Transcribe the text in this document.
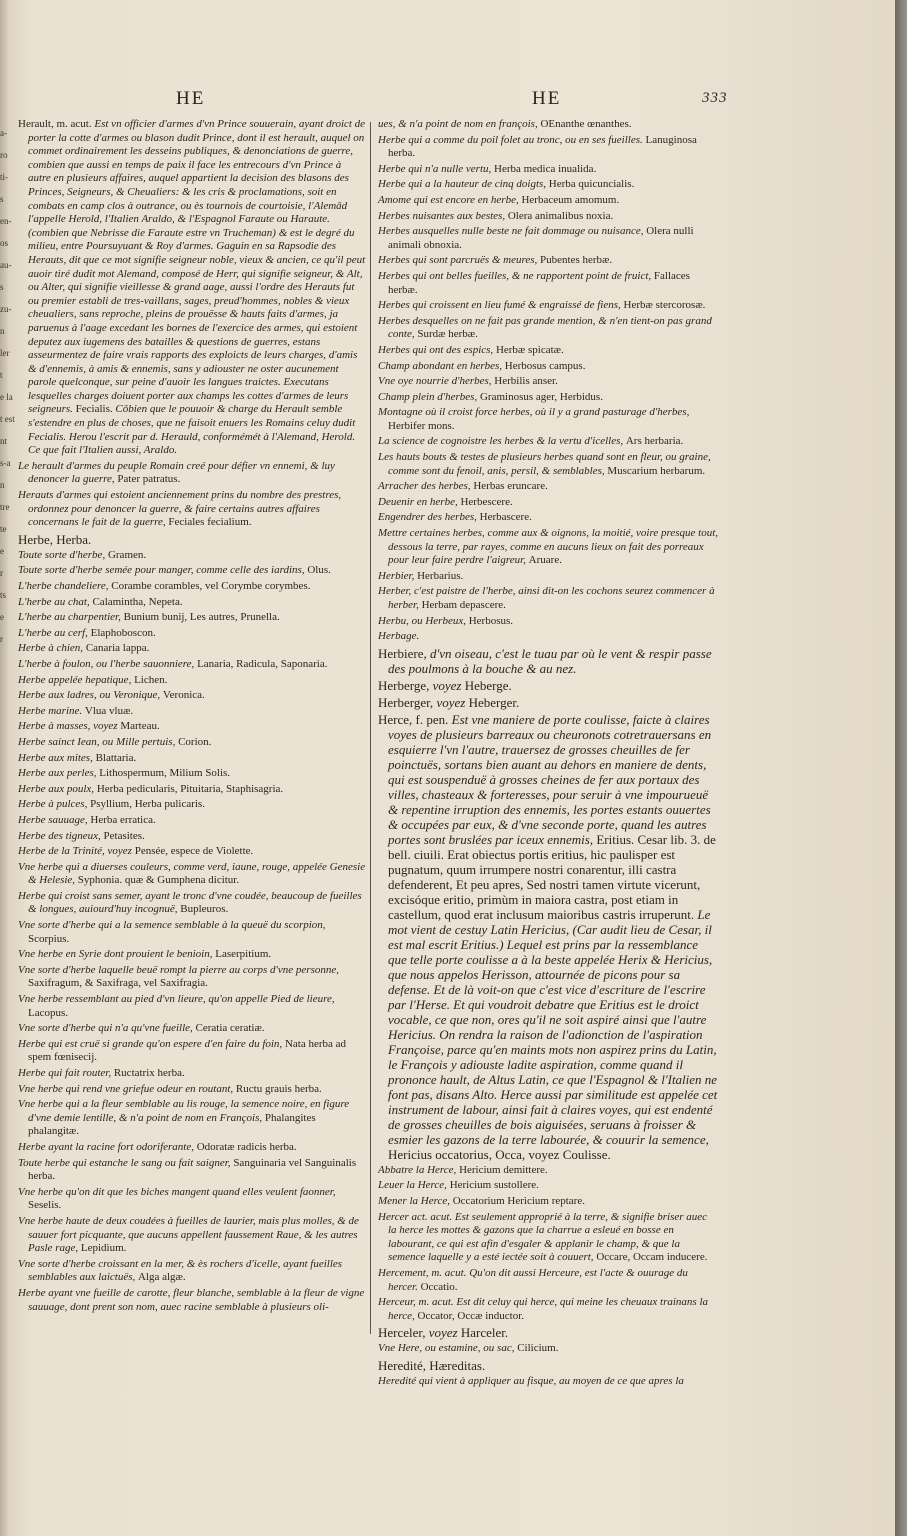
a-
ro
ti-
s
en-
os
au-
s
zu-
n
ler
t
e la
t est
nt
s-a
n
tre
te
e
r
ts
e
r
HE	HE	333
Herault, m. acut. Est vn officier d'armes d'vn Prince souuerain, ayant droict de porter la cotte d'armes ou blason dudit Prince, dont il est herault, auquel on commet ordinairement les desseins publiques, & denonciations de guerre, combien que aussi en temps de paix il face les entrecours d'vn Prince à autre en plusieurs affaires, auquel appartient la decision des blasons des Princes, Seigneurs, & Cheualiers: & les cris & proclamations, soit en combats en camp clos à outrance, ou ès tournois de courtoisie, l'Alemād l'appelle Herold, l'Italien Araldo, & l'Espagnol Faraute ou Haraute. (combien que Nebrisse die Faraute estre vn Trucheman) & est le degré du milieu, entre Poursuyuant & Roy d'armes. Gaguin en sa Rapsodie des Herauts, dit que ce mot signifie seigneur noble, vieux & ancien, ce qu'il peut auoir tiré dudit mot Alemand, composé de Herr, qui signifie seigneur, & Alt, ou Alter, qui signifie vieillesse & grand aage, aussi l'ordre des Herauts fut ou premier establi de tres-vaillans, sages, preud'hommes, nobles & vieux cheualiers, sans reproche, pleins de prouësse & hauts faits d'armes, ja paruenus à l'aage excedant les bornes de l'exercice des armes, qui estoient deputez aux iugemens des batailles & questions de guerres, estans asseurmentez de faire vrais rapports des exploicts de leurs charges, d'amis & d'ennemis, à amis & ennemis, sans y adiouster ne oster aucunement parole quelconque, sur peine d'auoir les langues traictes. Executans lesquelles charges doiuent porter aux champs les cottes d'armes de leurs seigneurs. Fecialis. Cōbien que le pouuoir & charge du Herault semble s'estendre en plus de choses, que ne faisoit enuers les Romains celuy dudit Fecialis. Herou l'escrit par d. Herauld, conformémét à l'Alemand, Herold. Ce que fait l'Italien aussi, Araldo.
Le herault d'armes du peuple Romain creé pour défier vn ennemi, & luy denoncer la guerre, Pater patratus.
Herauts d'armes qui estoient anciennement prins du nombre des prestres, ordonnez pour denoncer la guerre, & faire certains autres affaires concernans le fait de la guerre, Feciales fecialium.
Herbe, Herba.
Toute sorte d'herbe, Gramen.
Toute sorte d'herbe semée pour manger, comme celle des iardins, Olus.
L'herbe chandeliere, Corambe corambles, vel Corymbe corymbes.
L'herbe au chat, Calamintha, Nepeta.
L'herbe au charpentier, Bunium bunij, Les autres, Prunella.
L'herbe au cerf, Elaphoboscon.
Herbe à chien, Canaria lappa.
L'herbe à foulon, ou l'herbe sauonniere, Lanaria, Radicula, Saponaria.
Herbe appelée hepatique, Lichen.
Herbe aux ladres, ou Veronique, Veronica.
Herbe marine. Vlua vluæ.
Herbe à masses, voyez Marteau.
Herbe sainct Iean, ou Mille pertuis, Corion.
Herbe aux mites, Blattaria.
Herbe aux perles, Lithospermum, Milium Solis.
Herbe aux poulx, Herba pedicularis, Pituitaria, Staphisagria.
Herbe à pulces, Psyllium, Herba pulicaris.
Herbe sauuage, Herba erratica.
Herbe des tigneux, Petasites.
Herbe de la Trinité, voyez Pensée, espece de Violette.
Vne herbe qui a diuerses couleurs, comme verd, iaune, rouge, appelée Genesie & Helesie, Syphonia. quæ & Gumphena dicitur.
Herbe qui croist sans semer, ayant le tronc d'vne coudée, beaucoup de fueilles & longues, auiourd'huy incognuë, Bupleuros.
Vne sorte d'herbe qui a la semence semblable à la queuë du scorpion, Scorpius.
Vne herbe en Syrie dont prouient le benioin, Laserpitium.
Vne sorte d'herbe laquelle beuë rompt la pierre au corps d'vne personne, Saxifragum, & Saxifraga, vel Saxifragia.
Vne herbe ressemblant au pied d'vn lieure, qu'on appelle Pied de lieure, Lacopus.
Vne sorte d'herbe qui n'a qu'vne fueille, Ceratia ceratiæ.
Herbe qui est cruë si grande qu'on espere d'en faire du foin, Nata herba ad spem fœnisecij.
Herbe qui fait router, Ructatrix herba.
Vne herbe qui rend vne griefue odeur en routant, Ructu grauis herba.
Vne herbe qui a la fleur semblable au lis rouge, la semence noire, en figure d'vne demie lentille, & n'a point de nom en François, Phalangites phalangitæ.
Herbe ayant la racine fort odoriferante, Odoratæ radicis herba.
Toute herbe qui estanche le sang ou fait saigner, Sanguinaria vel Sanguinalis herba.
Vne herbe qu'on dit que les biches mangent quand elles veulent faonner, Seselis.
Vne herbe haute de deux coudées à fueilles de laurier, mais plus molles, & de sauuer fort picquante, que aucuns appellent faussement Raue, & les autres Pasle rage, Lepidium.
Vne sorte d'herbe croissant en la mer, & ès rochers d'icelle, ayant fueilles semblables aux laictuës, Alga algæ.
Herbe ayant vne fueille de carotte, fleur blanche, semblable à la fleur de vigne sauuage, dont prent son nom, auec racine semblable à plusieurs oli-
ues, & n'a point de nom en françois, OEnanthe œnanthes.
Herbe qui a comme du poil folet au tronc, ou en ses fueilles. Lanuginosa herba.
Herbe qui n'a nulle vertu, Herba medica inualida.
Herbe qui a la hauteur de cinq doigts, Herba quicuncialis.
Amome qui est encore en herbe, Herbaceum amomum.
Herbes nuisantes aux bestes, Olera animalibus noxia.
Herbes ausquelles nulle beste ne fait dommage ou nuisance, Olera nulli animali obnoxia.
Herbes qui sont parcruës & meures, Pubentes herbæ.
Herbes qui ont belles fueilles, & ne rapportent point de fruict, Fallaces herbæ.
Herbes qui croissent en lieu fumé & engraissé de fiens, Herbæ stercorosæ.
Herbes desquelles on ne fait pas grande mention, & n'en tient-on pas grand conte, Surdæ herbæ.
Herbes qui ont des espics, Herbæ spicatæ.
Champ abondant en herbes, Herbosus campus.
Vne oye nourrie d'herbes, Herbilis anser.
Champ plein d'herbes, Graminosus ager, Herbidus.
Montagne où il croist force herbes, où il y a grand pasturage d'herbes, Herbifer mons.
La science de cognoistre les herbes & la vertu d'icelles, Ars herbaria.
Les hauts bouts & testes de plusieurs herbes quand sont en fleur, ou graine, comme sont du fenoil, anis, persil, & semblables, Muscarium herbarum.
Arracher des herbes, Herbas eruncare.
Deuenir en herbe, Herbescere.
Engendrer des herbes, Herbascere.
Mettre certaines herbes, comme aux & oignons, la moitié, voire presque tout, dessous la terre, par rayes, comme en aucuns lieux on fait des porreaux pour leur faire perdre l'aigreur, Aruare.
Herbier, Herbarius.
Herber, c'est paistre de l'herbe, ainsi dit-on les cochons seurez commencer à herber, Herbam depascere.
Herbu, ou Herbeux, Herbosus.
Herbage.
Herbiere, d'vn oiseau, c'est le tuau par où le vent & respir passe des poulmons à la bouche & au nez.
Herberge, voyez Heberge.
Herberger, voyez Heberger.
Herce, f. pen. Est vne maniere de porte coulisse, faicte à claires voyes de plusieurs barreaux ou cheuronots cotretrauersans en esquierre l'vn l'autre, trauersez de grosses cheuilles de fer poinctuës, sortans bien auant au dehors en maniere de dents, qui est souspenduë à grosses cheines de fer aux portaux des villes, chasteaux & forteresses, pour seruir à vne impourueuë & repentine irruption des ennemis, les portes estants ouuertes & occupées par eux, & d'vne seconde porte, quand les autres portes sont bruslées par iceux ennemis, Eritius. Cesar lib. 3. de bell. ciuili. Erat obiectus portis eritius, hic paulisper est pugnatum, quum irrumpere nostri conarentur, illi castra defenderent, Et peu apres, Sed nostri tamen virtute vicerunt, excisóque eritio, primùm in maiora castra, post etiam in castellum, quod erat inclusum maioribus castris irruperunt. Le mot vient de cestuy Latin Hericius, (Car audit lieu de Cesar, il est mal escrit Eritius.) Lequel est prins par la ressemblance que telle porte coulisse a à la beste appelée Herix & Hericius, que nous appelos Herisson, attournée de picons pour sa defense. Et de là voit-on que c'est vice d'escriture de l'escrire par l'Herse. Et qui voudroit debatre que Eritius est le droict vocable, ce que non, ores qu'il ne soit aspiré ainsi que l'autre Hericius. On rendra la raison de l'adionction de l'aspiration Françoise, parce qu'en maints mots non aspirez prins du Latin, le François y adiouste ladite aspiration, comme quand il prononce hault, de Altus Latin, ce que l'Espagnol & l'Italien ne font pas, disans Alto. Herce aussi par similitude est appelée cet instrument de labour, ainsi fait à claires voyes, qui est endenté de grosses cheuilles de bois aiguisées, seruans à froisser & esmier les gazons de la terre labourée, & couurir la semence, Hericius occatorius, Occa, voyez Coulisse.
Abbatre la Herce, Hericium demittere.
Leuer la Herce, Hericium sustollere.
Mener la Herce, Occatorium Hericium reptare.
Hercer act. acut. Est seulement approprié à la terre, & signifie briser auec la herce les mottes & gazons que la charrue a esleué en bosse en labourant, ce qui est afin d'esgaler & applanir le champ, & que la semence laquelle y a esté iectée soit à couuert, Occare, Occam inducere.
Hercement, m. acut. Qu'on dit aussi Herceure, est l'acte & ouurage du hercer. Occatio.
Herceur, m. acut. Est dit celuy qui herce, qui meine les cheuaux trainans la herce, Occator, Occæ inductor.
Herceler, voyez Harceler.
Vne Here, ou estamine, ou sac, Cilicium.
Heredité, Hæreditas.
Heredité qui vient à appliquer au fisque, au moyen de ce que apres la
